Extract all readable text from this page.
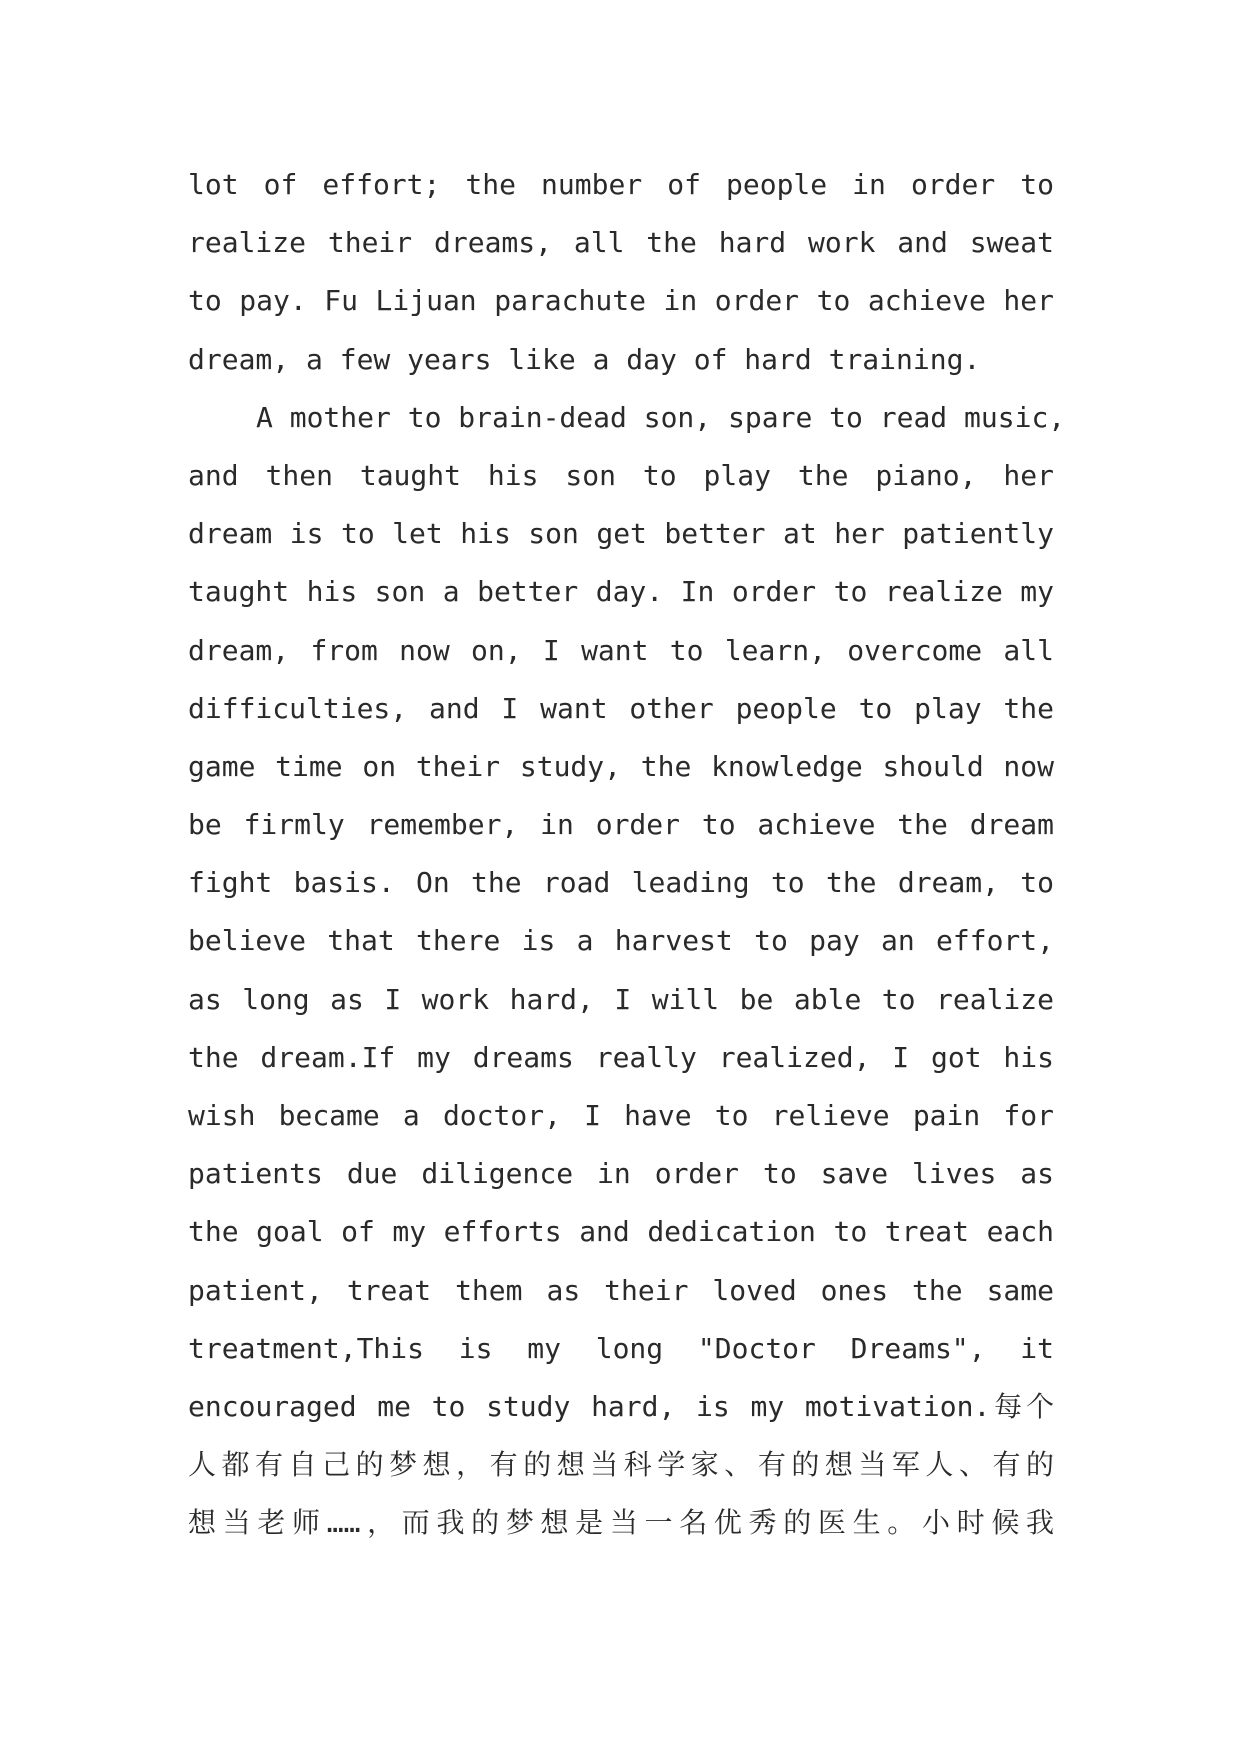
lot of effort; the number of people in order to
realize their dreams, all the hard work and sweat
to pay. Fu Lijuan parachute in order to achieve her
dream, a few years like a day of hard training.
A mother to brain-dead son, spare to read music,
and then taught his son to play the piano, her
dream is to let his son get better at her patiently
taught his son a better day. In order to realize my
dream, from now on, I want to learn, overcome all
difficulties, and I want other people to play the
game time on their study, the knowledge should now
be firmly remember, in order to achieve the dream
fight basis. On the road leading to the dream, to
believe that there is a harvest to pay an effort,
as long as I work hard, I will be able to realize
the dream.If my dreams really realized, I got his
wish became a doctor, I have to relieve pain for
patients due diligence in order to save lives as
the goal of my efforts and dedication to treat each
patient, treat them as their loved ones the same
treatment,This is my long "Doctor Dreams", it
encouraged me to study hard, is my motivation.每个
人都有自己的梦想，有的想当科学家、有的想当军人、有的
想当老师……，而我的梦想是当一名优秀的医生。小时候我
